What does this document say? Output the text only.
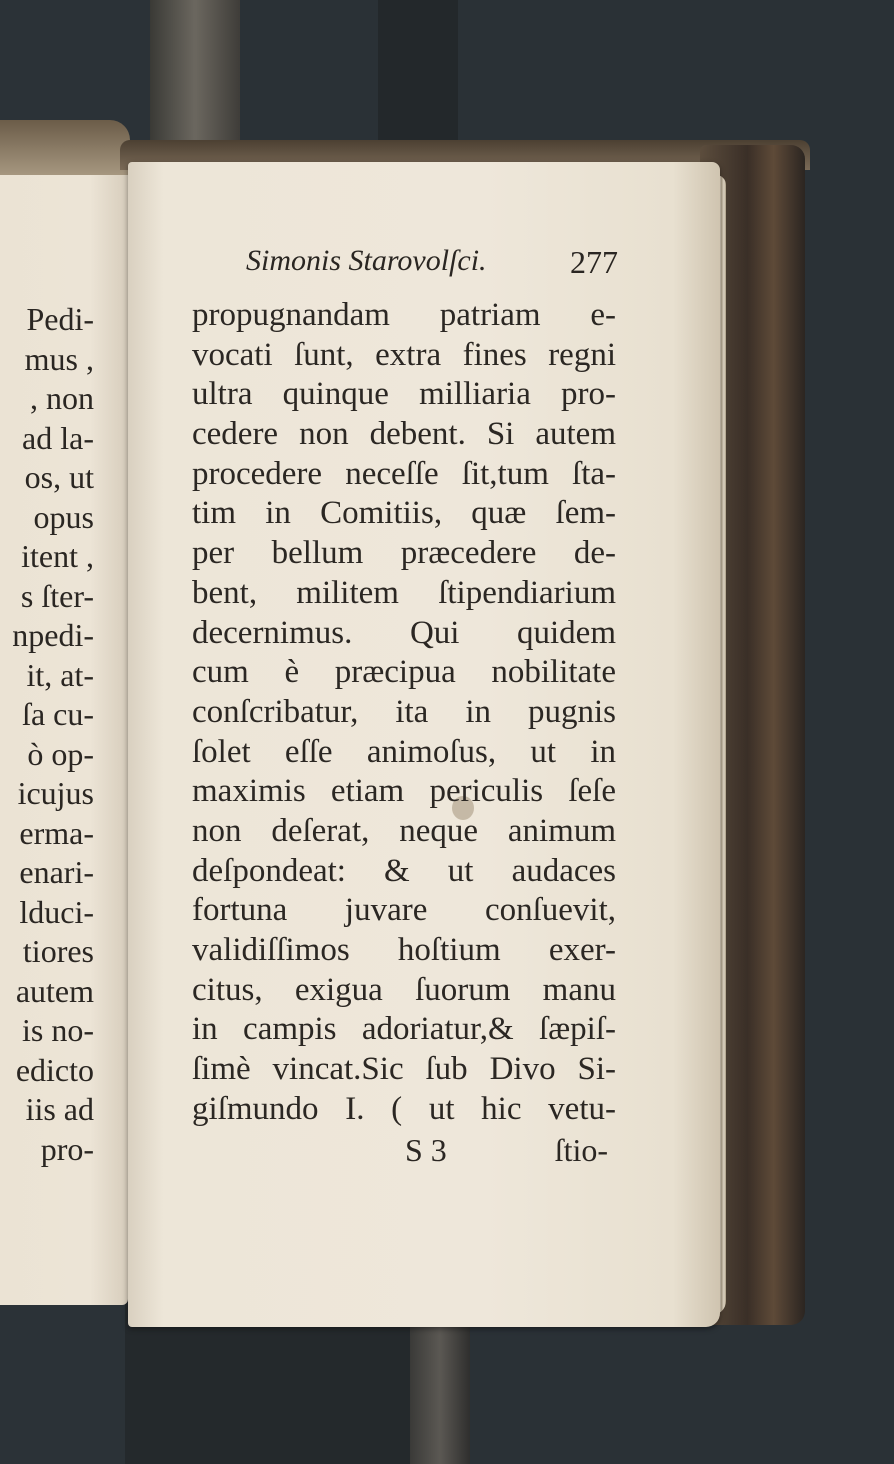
Pedi-
mus ,
, non
ad la-
os, ut
opus
itent ,
s ſter-
npedi-
it, at-
ſa cu-
ò op-
icujus
erma-
enari-
lduci-
tiores
autem
is no-
edicto
iis ad
pro-
Simonis Starovolſci.	277
propugnandam patriam e-
vocati ſunt, extra fines regni
ultra quinque milliaria pro-
cedere non debent. Si autem
procedere neceſſe ſit,tum ſta-
tim in Comitiis, quæ ſem-
per bellum præcedere de-
bent, militem ſtipendiarium
decernimus. Qui quidem
cum è præcipua nobilitate
conſcribatur, ita in pugnis
ſolet eſſe animoſus, ut in
maximis etiam periculis ſeſe
non deſerat, neque animum
deſpondeat: & ut audaces
fortuna juvare conſuevit,
validiſſimos hoſtium exer-
citus, exigua ſuorum manu
in campis adoriatur,& ſæpiſ-
ſimè vincat.Sic ſub Divo Si-
giſmundo I. ( ut hic vetu-
S 3	ſtio-
